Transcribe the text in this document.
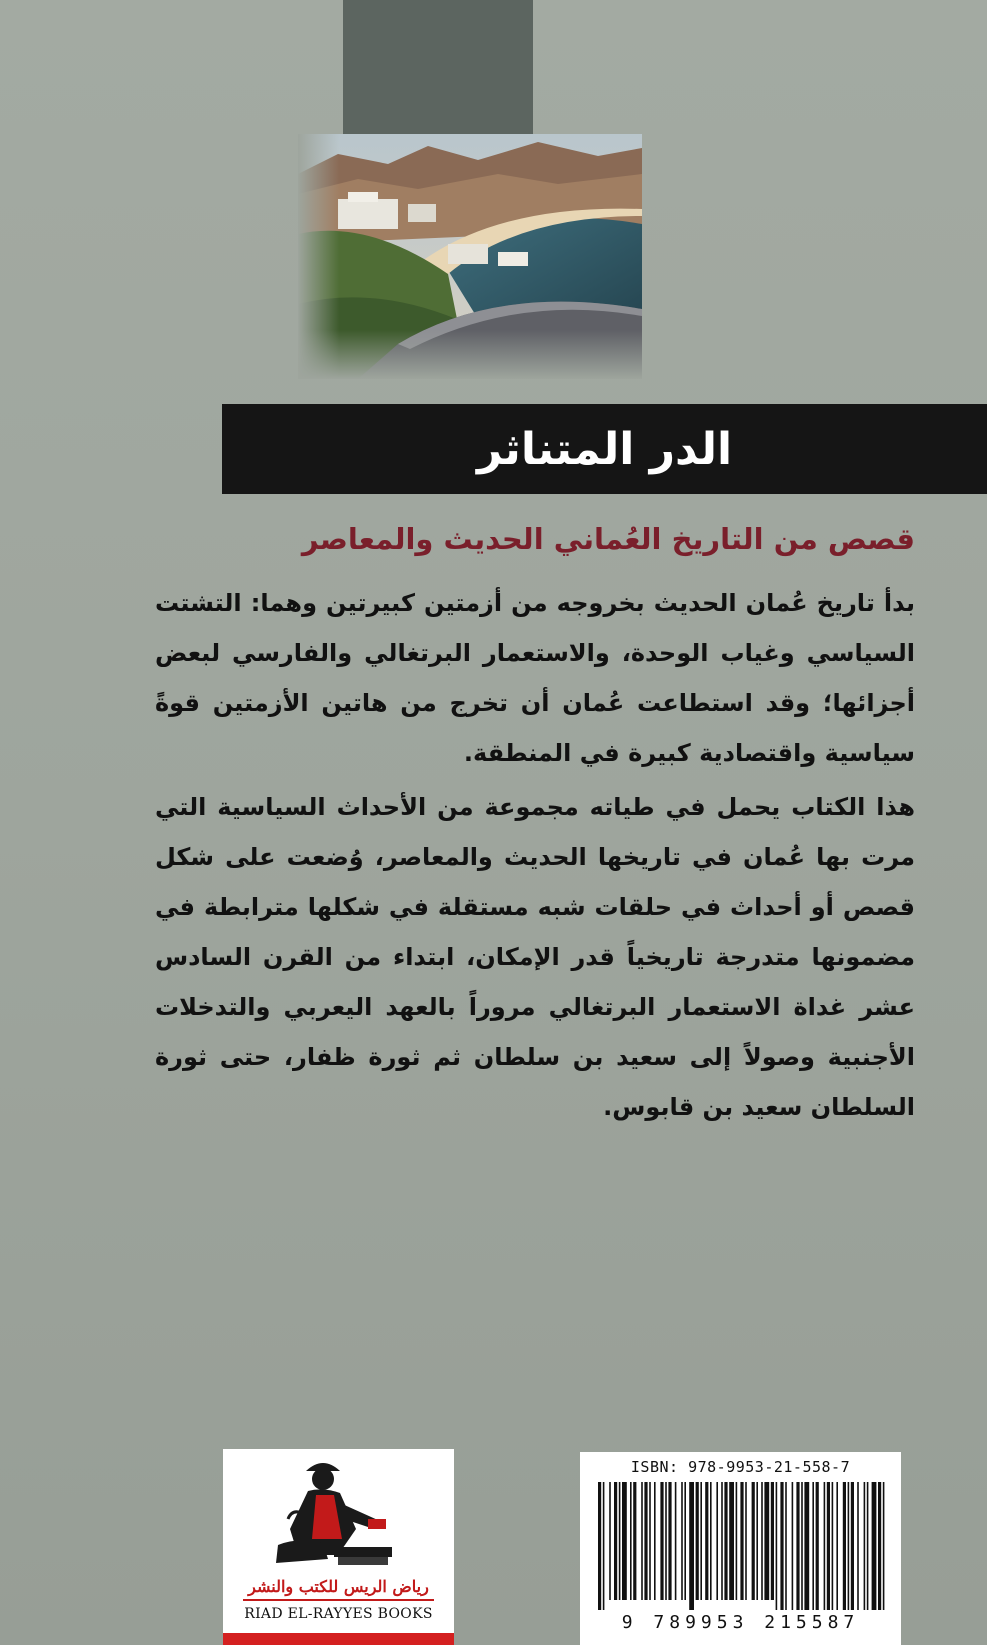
الدر المتناثر
قصص من التاريخ العُماني الحديث والمعاصر

بدأ تاريخ عُمان الحديث بخروجه من أزمتين كبيرتين وهما: التشتت السياسي وغياب الوحدة، والاستعمار البرتغالي والفارسي لبعض أجزائها؛ وقد استطاعت عُمان أن تخرج من هاتين الأزمتين قوةً سياسية واقتصادية كبيرة في المنطقة.

هذا الكتاب يحمل في طياته مجموعة من الأحداث السياسية التي مرت بها عُمان في تاريخها الحديث والمعاصر، وُضعت على شكل قصص أو أحداث في حلقات شبه مستقلة في شكلها مترابطة في مضمونها متدرجة تاريخياً قدر الإمكان، ابتداء من القرن السادس عشر غداة الاستعمار البرتغالي مروراً بالعهد اليعربي والتدخلات الأجنبية وصولاً إلى سعيد بن سلطان ثم ثورة ظفار، حتى ثورة السلطان سعيد بن قابوس.

رياض الريس للكتب والنشر
RIAD EL-RAYYES BOOKS
ISBN: 978-9953-21-558-7
9 789953 215587
